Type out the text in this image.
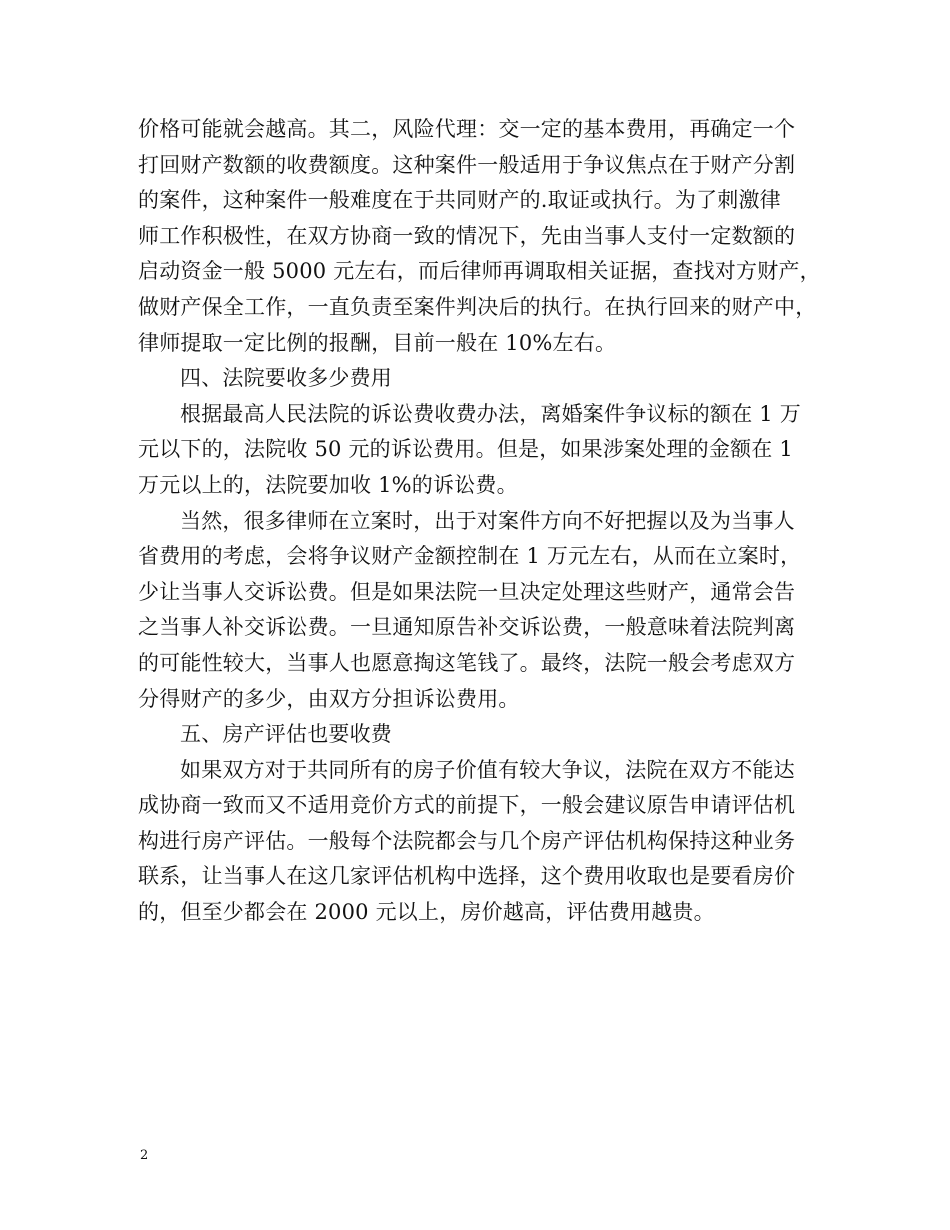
价格可能就会越高。其二，风险代理：交一定的基本费用，再确定一个
打回财产数额的收费额度。这种案件一般适用于争议焦点在于财产分割
的案件，这种案件一般难度在于共同财产的.取证或执行。为了刺激律
师工作积极性，在双方协商一致的情况下，先由当事人支付一定数额的
启动资金一般 5000 元左右，而后律师再调取相关证据，查找对方财产，
做财产保全工作，一直负责至案件判决后的执行。在执行回来的财产中，
律师提取一定比例的报酬，目前一般在 10%左右。
四、法院要收多少费用
根据最高人民法院的诉讼费收费办法，离婚案件争议标的额在 1 万
元以下的，法院收 50 元的诉讼费用。但是，如果涉案处理的金额在 1
万元以上的，法院要加收 1%的诉讼费。
当然，很多律师在立案时，出于对案件方向不好把握以及为当事人
省费用的考虑，会将争议财产金额控制在 1 万元左右，从而在立案时，
少让当事人交诉讼费。但是如果法院一旦决定处理这些财产，通常会告
之当事人补交诉讼费。一旦通知原告补交诉讼费，一般意味着法院判离
的可能性较大，当事人也愿意掏这笔钱了。最终，法院一般会考虑双方
分得财产的多少，由双方分担诉讼费用。
五、房产评估也要收费
如果双方对于共同所有的房子价值有较大争议，法院在双方不能达
成协商一致而又不适用竞价方式的前提下，一般会建议原告申请评估机
构进行房产评估。一般每个法院都会与几个房产评估机构保持这种业务
联系，让当事人在这几家评估机构中选择，这个费用收取也是要看房价
的，但至少都会在 2000 元以上，房价越高，评估费用越贵。
2
